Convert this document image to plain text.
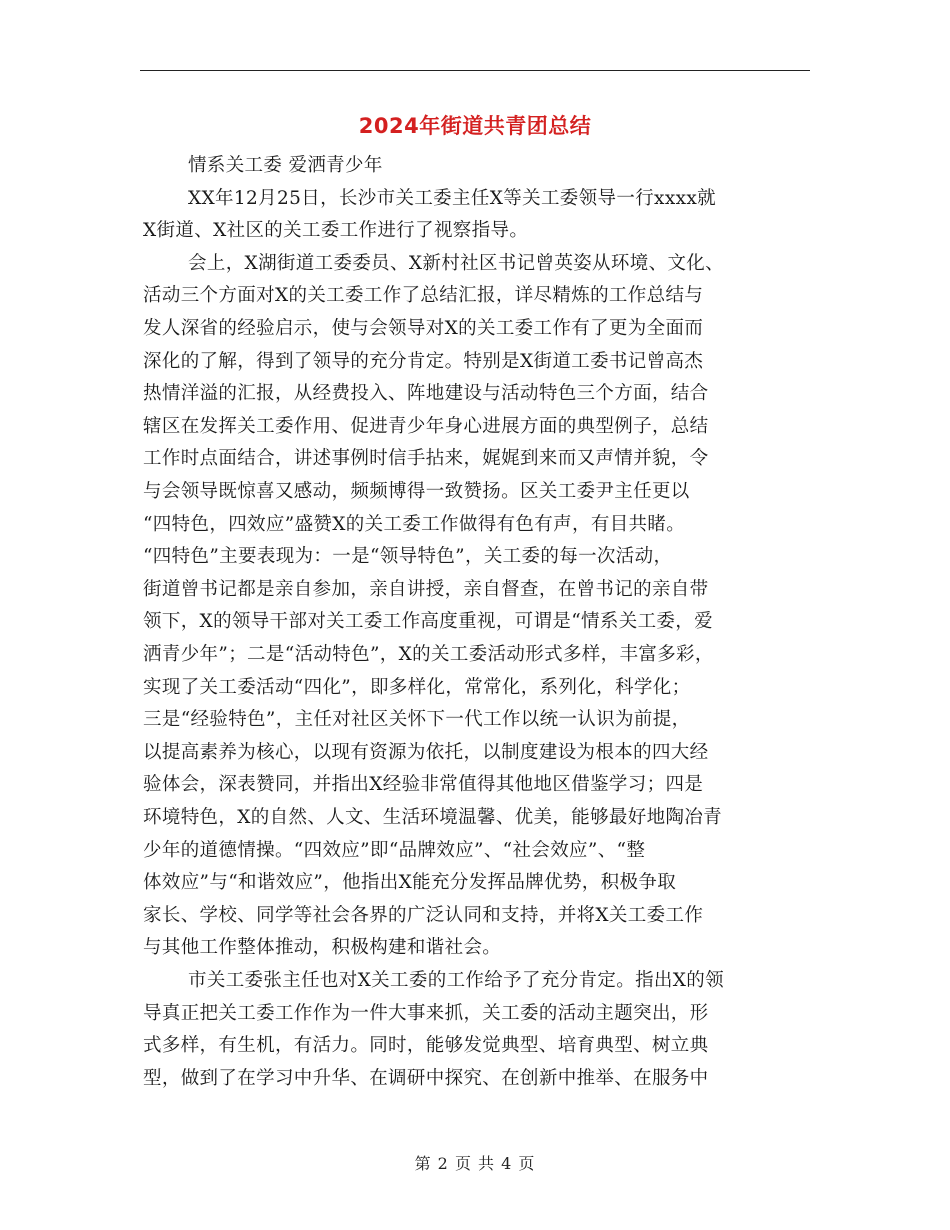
2024年街道共青团总结
情系关工委 爱洒青少年
XX年12月25日，长沙市关工委主任X等关工委领导一行xxxx就
X街道、X社区的关工委工作进行了视察指导。
会上，X湖街道工委委员、X新村社区书记曾英姿从环境、文化、
活动三个方面对X的关工委工作了总结汇报，详尽精炼的工作总结与
发人深省的经验启示，使与会领导对X的关工委工作有了更为全面而
深化的了解，得到了领导的充分肯定。特别是X街道工委书记曾高杰
热情洋溢的汇报，从经费投入、阵地建设与活动特色三个方面，结合
辖区在发挥关工委作用、促进青少年身心进展方面的典型例子，总结
工作时点面结合，讲述事例时信手拈来，娓娓到来而又声情并貌，令
与会领导既惊喜又感动，频频博得一致赞扬。区关工委尹主任更以
“四特色，四效应”盛赞X的关工委工作做得有色有声，有目共睹。
“四特色”主要表现为：一是“领导特色”，关工委的每一次活动，
街道曾书记都是亲自参加，亲自讲授，亲自督查，在曾书记的亲自带
领下，X的领导干部对关工委工作高度重视，可谓是“情系关工委，爱
洒青少年”；二是“活动特色”，X的关工委活动形式多样，丰富多彩，
实现了关工委活动“四化”，即多样化，常常化，系列化，科学化；
三是“经验特色”，主任对社区关怀下一代工作以统一认识为前提，
以提高素养为核心，以现有资源为依托，以制度建设为根本的四大经
验体会，深表赞同，并指出X经验非常值得其他地区借鉴学习；四是
环境特色，X的自然、人文、生活环境温馨、优美，能够最好地陶冶青
少年的道德情操。“四效应”即“品牌效应”、“社会效应”、“整
体效应”与“和谐效应”，他指出X能充分发挥品牌优势，积极争取
家长、学校、同学等社会各界的广泛认同和支持，并将X关工委工作
与其他工作整体推动，积极构建和谐社会。
市关工委张主任也对X关工委的工作给予了充分肯定。指出X的领
导真正把关工委工作作为一件大事来抓，关工委的活动主题突出，形
式多样，有生机，有活力。同时，能够发觉典型、培育典型、树立典
型，做到了在学习中升华、在调研中探究、在创新中推举、在服务中
第 2 页 共 4 页
